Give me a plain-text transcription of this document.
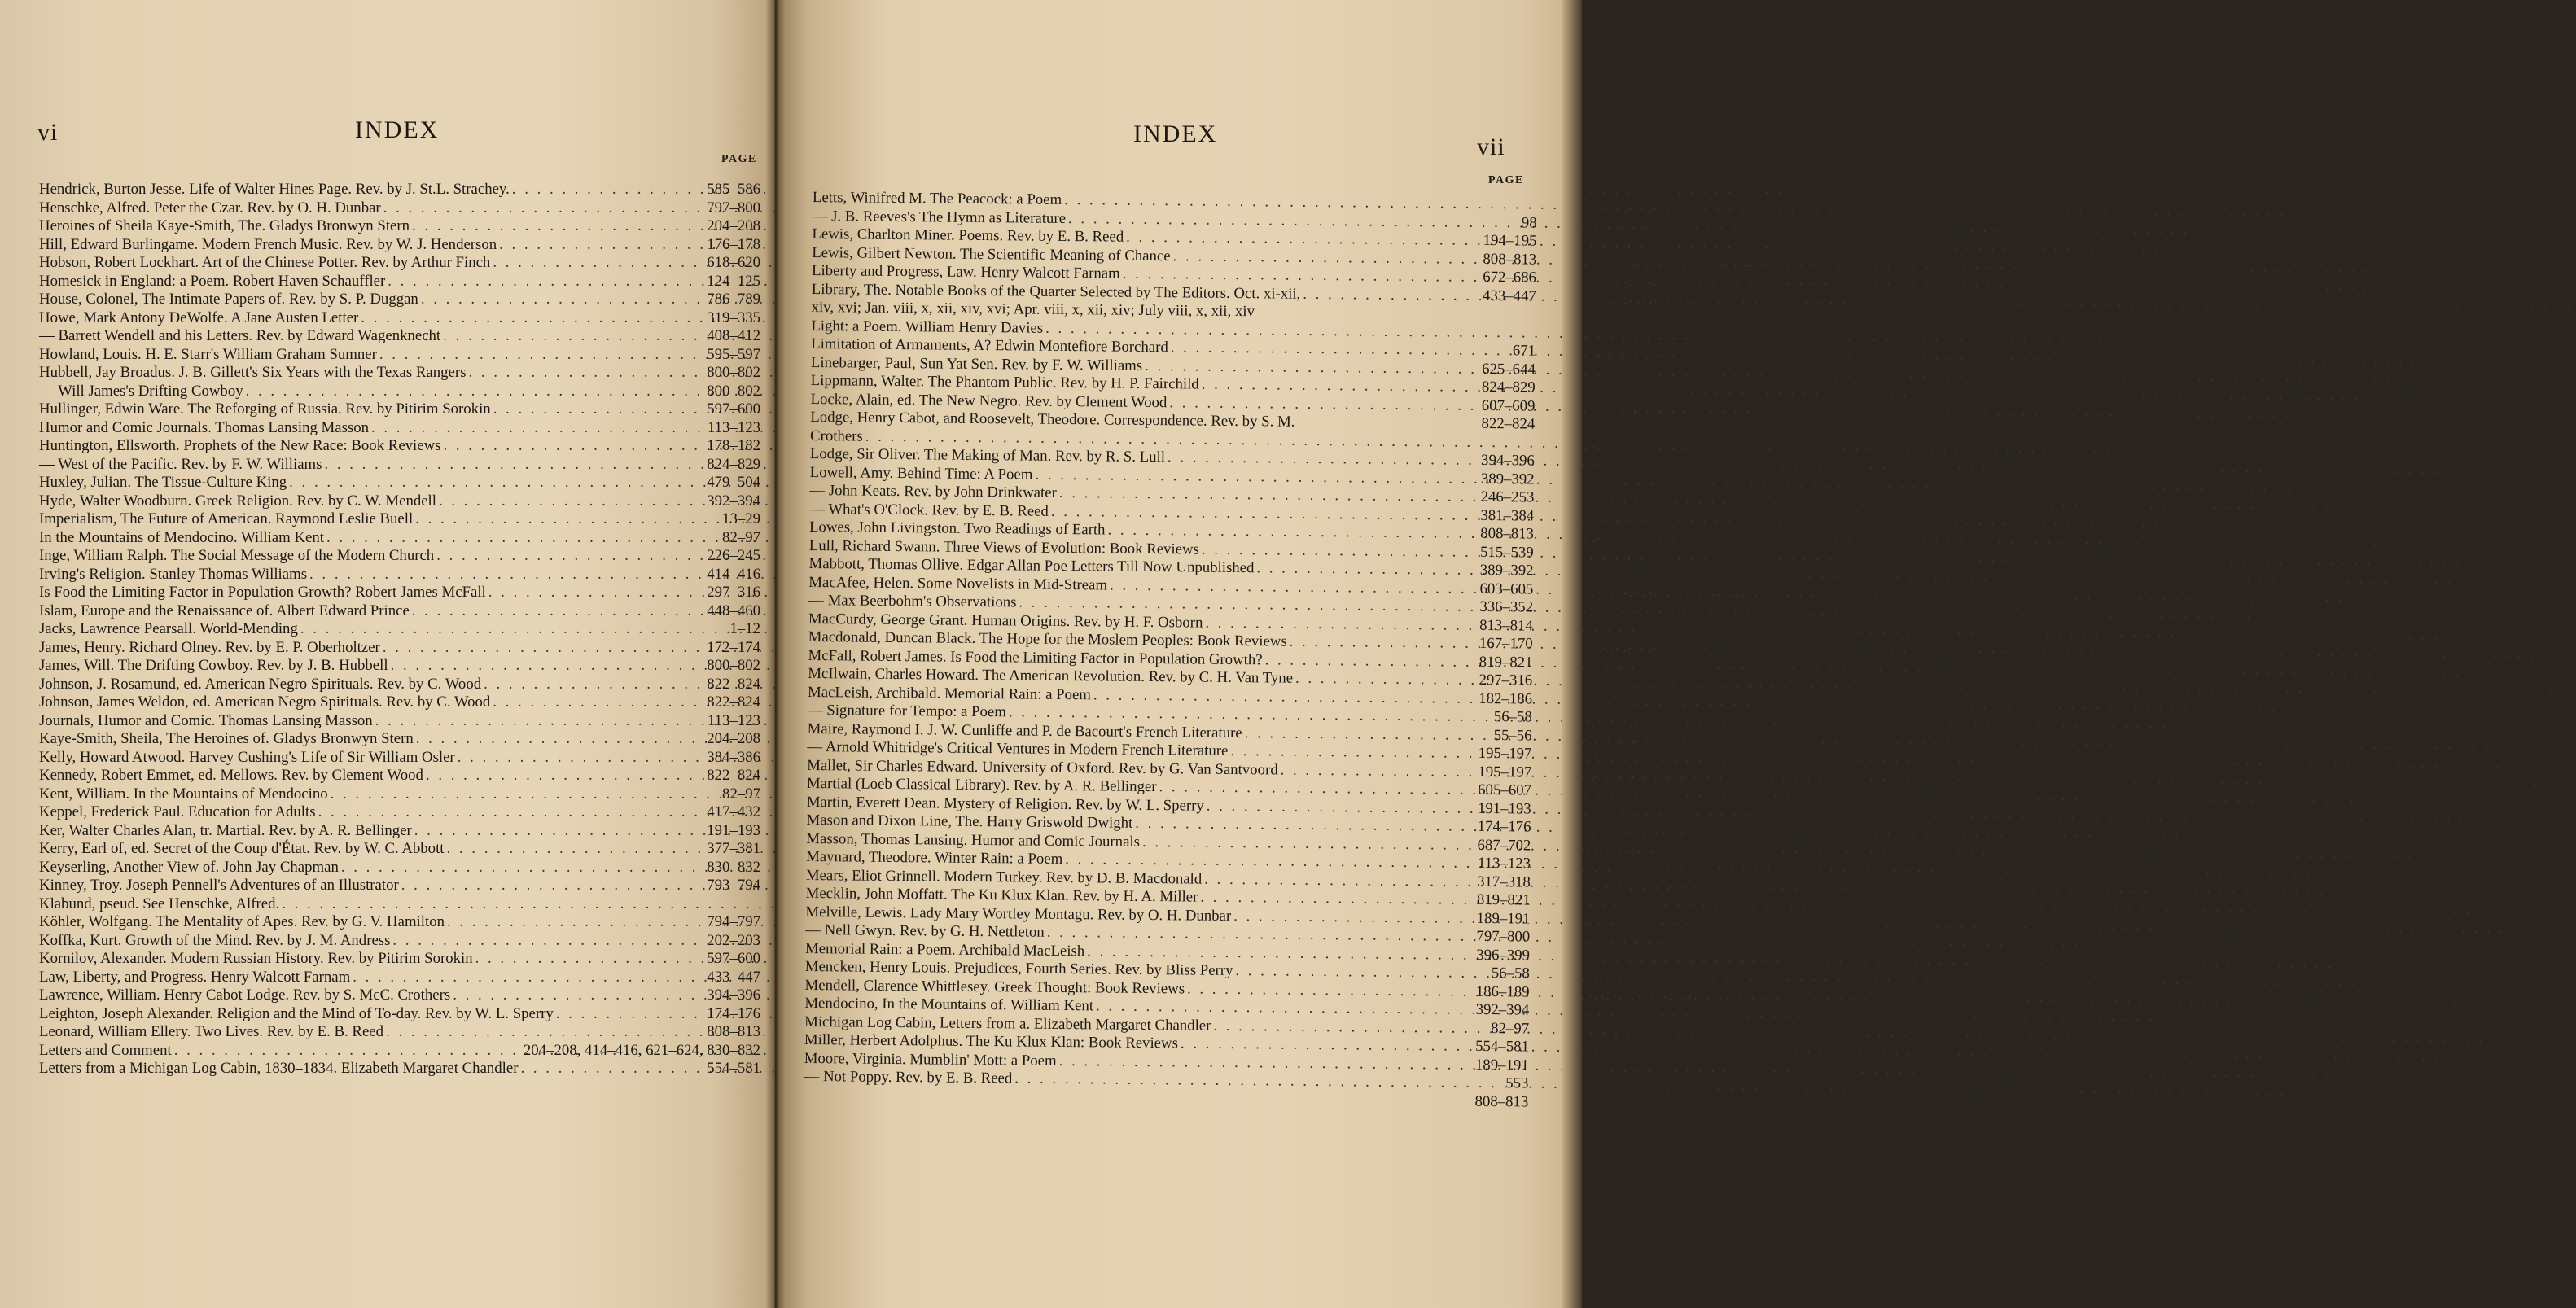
vi	INDEX
PAGE
Hendrick, Burton Jesse. Life of Walter Hines Page. Rev. by J. St.L. Strachey. . . .	585–586
Henschke, Alfred. Peter the Czar. Rev. by O. H. Dunbar . . .	797–800
Heroines of Sheila Kaye-Smith, The. Gladys Bronwyn Stern . . .	204–208
Hill, Edward Burlingame. Modern French Music. Rev. by W. J. Henderson . . .	176–178
Hobson, Robert Lockhart. Art of the Chinese Potter. Rev. by Arthur Finch . . .	618–620
Homesick in England: a Poem. Robert Haven Schauffler . . .	124–125
House, Colonel, The Intimate Papers of. Rev. by S. P. Duggan . . .	786–789
Howe, Mark Antony DeWolfe. A Jane Austen Letter . . .	319–335
— Barrett Wendell and his Letters. Rev. by Edward Wagenknecht . . .	408–412
Howland, Louis. H. E. Starr's William Graham Sumner . . .	595–597
Hubbell, Jay Broadus. J. B. Gillett's Six Years with the Texas Rangers . . .	800–802
— Will James's Drifting Cowboy . . .	800–802
Hullinger, Edwin Ware. The Reforging of Russia. Rev. by Pitirim Sorokin . . .	597–600
Humor and Comic Journals. Thomas Lansing Masson . . .	113–123
Huntington, Ellsworth. Prophets of the New Race: Book Reviews . . .	178–182
— West of the Pacific. Rev. by F. W. Williams . . .	824–829
Huxley, Julian. The Tissue-Culture King . . .	479–504
Hyde, Walter Woodburn. Greek Religion. Rev. by C. W. Mendell . . .	392–394
Imperialism, The Future of American. Raymond Leslie Buell . . .	13–29
In the Mountains of Mendocino. William Kent . . .	82–97
Inge, William Ralph. The Social Message of the Modern Church . . .	226–245
Irving's Religion. Stanley Thomas Williams . . .	414–416
Is Food the Limiting Factor in Population Growth? Robert James McFall . . .	297–316
Islam, Europe and the Renaissance of. Albert Edward Prince . . .	448–460
Jacks, Lawrence Pearsall. World-Mending . . .	1–12
James, Henry. Richard Olney. Rev. by E. P. Oberholtzer . . .	172–174
James, Will. The Drifting Cowboy. Rev. by J. B. Hubbell . . .	800–802
Johnson, J. Rosamund, ed. American Negro Spirituals. Rev. by C. Wood . . .	822–824
Johnson, James Weldon, ed. American Negro Spirituals. Rev. by C. Wood . . .	822–824
Journals, Humor and Comic. Thomas Lansing Masson . . .	113–123
Kaye-Smith, Sheila, The Heroines of. Gladys Bronwyn Stern . . .	204–208
Kelly, Howard Atwood. Harvey Cushing's Life of Sir William Osler . . .	384–386
Kennedy, Robert Emmet, ed. Mellows. Rev. by Clement Wood . . .	822–824
Kent, William. In the Mountains of Mendocino . . .	82–97
Keppel, Frederick Paul. Education for Adults . . .	417–432
Ker, Walter Charles Alan, tr. Martial. Rev. by A. R. Bellinger . . .	191–193
Kerry, Earl of, ed. Secret of the Coup d'État. Rev. by W. C. Abbott . . .	377–381
Keyserling, Another View of. John Jay Chapman . . .	830–832
Kinney, Troy. Joseph Pennell's Adventures of an Illustrator . . .	793–794
Klabund, pseud. See Henschke, Alfred.
. . .
Köhler, Wolfgang. The Mentality of Apes. Rev. by G. V. Hamilton . . .	794–797
Koffka, Kurt. Growth of the Mind. Rev. by J. M. Andress . . .	202–203
Kornilov, Alexander. Modern Russian History. Rev. by Pitirim Sorokin . . .	597–600
Law, Liberty, and Progress. Henry Walcott Farnam . . .	433–447
Lawrence, William. Henry Cabot Lodge. Rev. by S. McC. Crothers . . .	394–396
Leighton, Joseph Alexander. Religion and the Mind of To-day. Rev. by W. L. Sperry . . .	174–176
Leonard, William Ellery. Two Lives. Rev. by E. B. Reed . . .	808–813
Letters and Comment . . .	204–208, 414–416, 621–624, 830–832
Letters from a Michigan Log Cabin, 1830–1834. Elizabeth Margaret Chandler . . .	554–581
INDEX	vii
PAGE
Letts, Winifred M. The Peacock: a Poem
. . .
— J. B. Reeves's The Hymn as Literature . . .	98
Lewis, Charlton Miner. Poems. Rev. by E. B. Reed . . .	194–195
Lewis, Gilbert Newton. The Scientific Meaning of Chance . . .	808–813
Liberty and Progress, Law. Henry Walcott Farnam . . .	672–686
Library, The. Notable Books of the Quarter Selected by The Editors. Oct. xi-xii, . . .	433–447
xiv, xvi; Jan. viii, x, xii, xiv, xvi; Apr. viii, x, xii, xiv; July viii, x, xii, xiv
Light: a Poem. William Henry Davies
. . .
Limitation of Armaments, A? Edwin Montefiore Borchard . . .	671
Linebarger, Paul, Sun Yat Sen. Rev. by F. W. Williams . . .	625–644
Lippmann, Walter. The Phantom Public. Rev. by H. P. Fairchild . . .	824–829
Locke, Alain, ed. The New Negro. Rev. by Clement Wood . . .	607–609
Lodge, Henry Cabot, and Roosevelt, Theodore. Correspondence. Rev. by S. M.	822–824
Crothers
. . .
Lodge, Sir Oliver. The Making of Man. Rev. by R. S. Lull . . .	394–396
Lowell, Amy. Behind Time: A Poem . . .	389–392
— John Keats. Rev. by John Drinkwater . . .	246–253
— What's O'Clock. Rev. by E. B. Reed . . .	381–384
Lowes, John Livingston. Two Readings of Earth . . .	808–813
Lull, Richard Swann. Three Views of Evolution: Book Reviews . . .	515–539
Mabbott, Thomas Ollive. Edgar Allan Poe Letters Till Now Unpublished . . .	389–392
MacAfee, Helen. Some Novelists in Mid-Stream . . .	603–605
— Max Beerbohm's Observations . . .	336–352
MacCurdy, George Grant. Human Origins. Rev. by H. F. Osborn . . .	813–814
Macdonald, Duncan Black. The Hope for the Moslem Peoples: Book Reviews . . .	167–170
McFall, Robert James. Is Food the Limiting Factor in Population Growth? . . .	819–821
McIlwain, Charles Howard. The American Revolution. Rev. by C. H. Van Tyne . . .	297–316
MacLeish, Archibald. Memorial Rain: a Poem . . .	182–186
— Signature for Tempo: a Poem . . .	56–58
Maire, Raymond I. J. W. Cunliffe and P. de Bacourt's French Literature . . .	55–56
— Arnold Whitridge's Critical Ventures in Modern French Literature . . .	195–197
Mallet, Sir Charles Edward. University of Oxford. Rev. by G. Van Santvoord . . .	195–197
Martial (Loeb Classical Library). Rev. by A. R. Bellinger . . .	605–607
Martin, Everett Dean. Mystery of Religion. Rev. by W. L. Sperry . . .	191–193
Mason and Dixon Line, The. Harry Griswold Dwight . . .	174–176
Masson, Thomas Lansing. Humor and Comic Journals . . .	687–702
Maynard, Theodore. Winter Rain: a Poem . . .	113–123
Mears, Eliot Grinnell. Modern Turkey. Rev. by D. B. Macdonald . . .	317–318
Mecklin, John Moffatt. The Ku Klux Klan. Rev. by H. A. Miller . . .	819–821
Melville, Lewis. Lady Mary Wortley Montagu. Rev. by O. H. Dunbar . . .	189–191
— Nell Gwyn. Rev. by G. H. Nettleton . . .	797–800
Memorial Rain: a Poem. Archibald MacLeish . . .	396–399
Mencken, Henry Louis. Prejudices, Fourth Series. Rev. by Bliss Perry . . .	56–58
Mendell, Clarence Whittlesey. Greek Thought: Book Reviews . . .	186–189
Mendocino, In the Mountains of. William Kent . . .	392–394
Michigan Log Cabin, Letters from a. Elizabeth Margaret Chandler . . .	82–97
Miller, Herbert Adolphus. The Ku Klux Klan: Book Reviews . . .	554–581
Moore, Virginia. Mumblin' Mott: a Poem . . .	189–191
— Not Poppy. Rev. by E. B. Reed . . .	553
808–813
